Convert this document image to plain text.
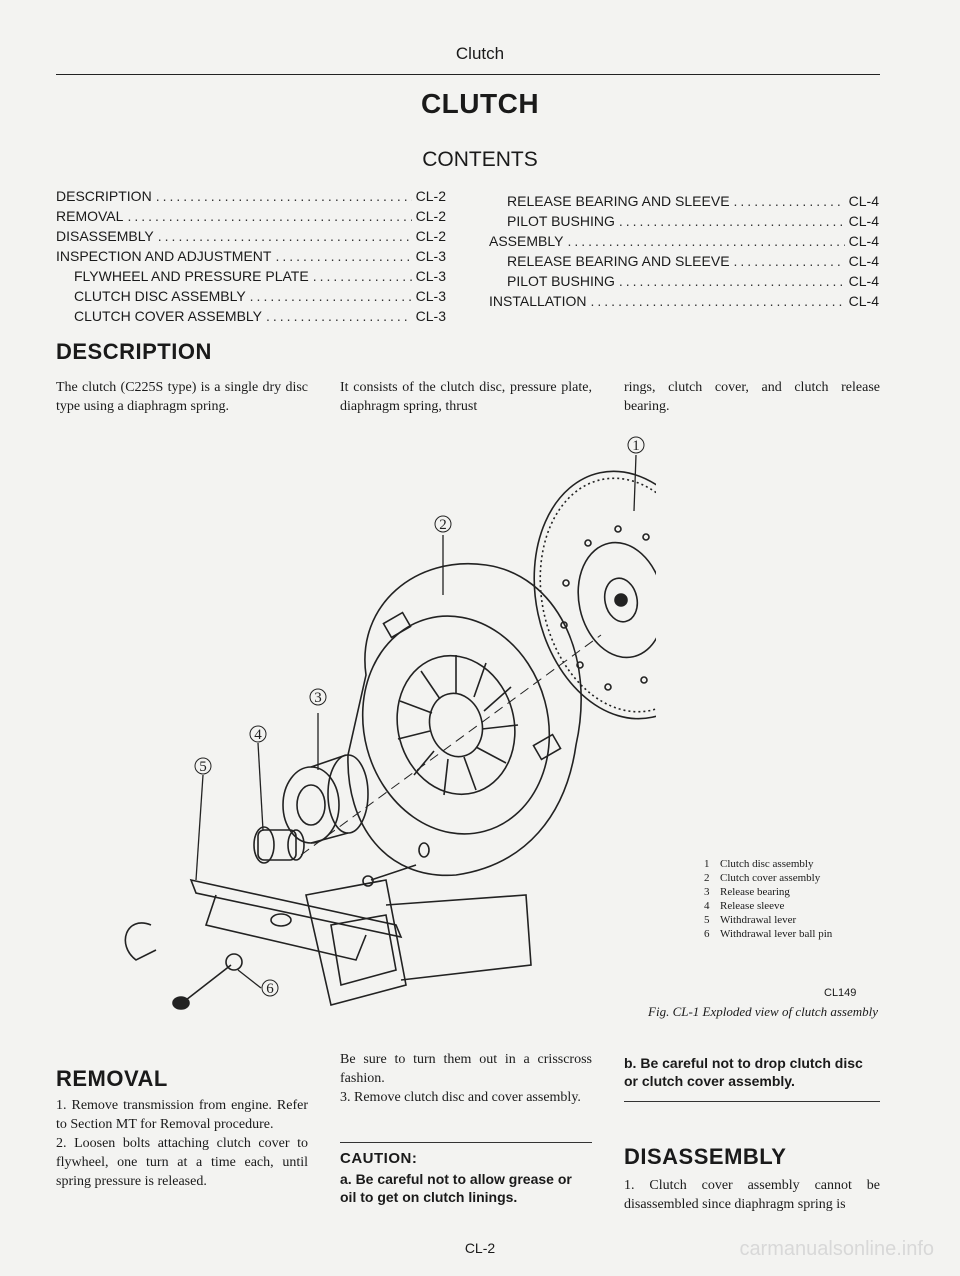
Clutch
CLUTCH
CONTENTS
DESCRIPTION .....	CL-2
REMOVAL .....	CL-2
DISASSEMBLY .....	CL-2
INSPECTION AND ADJUSTMENT .....	CL-3
FLYWHEEL AND PRESSURE PLATE .....	CL-3
CLUTCH DISC ASSEMBLY .....	CL-3
CLUTCH COVER ASSEMBLY .....	CL-3
RELEASE BEARING AND SLEEVE .....	CL-4
PILOT BUSHING .....	CL-4
ASSEMBLY .....	CL-4
RELEASE BEARING AND SLEEVE .....	CL-4
PILOT BUSHING .....	CL-4
INSTALLATION .....	CL-4
DESCRIPTION
The clutch (C225S type) is a single dry disc type using a diaphragm spring.
It consists of the clutch disc, pressure plate, diaphragm spring, thrust
rings, clutch cover, and clutch release bearing.
1
2
3
4
5
6
1 Clutch disc assembly
2 Clutch cover assembly
3 Release bearing
4 Release sleeve
5 Withdrawal lever
6 Withdrawal lever ball pin
CL149
Fig. CL-1 Exploded view of clutch assembly
REMOVAL
1. Remove transmission from engine. Refer to Section MT for Removal procedure.
2. Loosen bolts attaching clutch cover to flywheel, one turn at a time each, until spring pressure is released.
Be sure to turn them out in a crisscross fashion.
3. Remove clutch disc and cover assembly.
CAUTION:
a. Be careful not to allow grease or oil to get on clutch linings.
b. Be careful not to drop clutch disc or clutch cover assembly.
DISASSEMBLY
1. Clutch cover assembly cannot be disassembled since diaphragm spring is
CL-2	carmanualsonline.info
